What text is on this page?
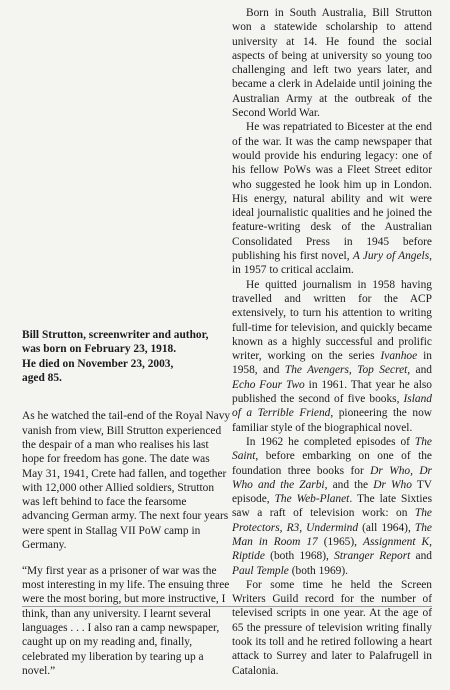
Born in South Australia, Bill Strutton won a statewide scholarship to attend university at 14. He found the social aspects of being at university so young too challenging and left two years later, and became a clerk in Adelaide until joining the Australian Army at the outbreak of the Second World War.

He was repatriated to Bicester at the end of the war. It was the camp newspaper that would provide his enduring legacy: one of his fellow PoWs was a Fleet Street editor who suggested he look him up in London. His energy, natural ability and wit were ideal journalistic qualities and he joined the feature-writing desk of the Australian Consolidated Press in 1945 before publishing his first novel, A Jury of Angels, in 1957 to critical acclaim.

He quitted journalism in 1958 having travelled and written for the ACP extensively, to turn his attention to writing full-time for television, and quickly became known as a highly successful and prolific writer, working on the series Ivanhoe in 1958, and The Avengers, Top Secret, and Echo Four Two in 1961. That year he also published the second of five books, Island of a Terrible Friend, pioneering the now familiar style of the biographical novel.

In 1962 he completed episodes of The Saint, before embarking on one of the foundation three books for Dr Who, Dr Who and the Zarbi, and the Dr Who TV episode, The Web-Planet. The late Sixties saw a raft of television work: on The Protectors, R3, Undermind (all 1964), The Man in Room 17 (1965), Assignment K, Riptide (both 1968), Stranger Report and Paul Temple (both 1969).

For some time he held the Screen Writers Guild record for the number of televised scripts in one year. At the age of 65 the pressure of television writing finally took its toll and he retired following a heart attack to Surrey and later to Palafrugell in Catalonia.

Bill Strutton, screenwriter and author,
was born on February 23, 1918.
He died on November 23, 2003,
aged 85.

As he watched the tail-end of the Royal Navy vanish from view, Bill Strutton experienced the despair of a man who realises his last hope for freedom has gone. The date was May 31, 1941, Crete had fallen, and together with 12,000 other Allied soldiers, Strutton was left behind to face the fearsome advancing German army. The next four years were spent in Stallag VII PoW camp in Germany.

“My first year as a prisoner of war was the most interesting in my life. The ensuing three were the most boring, but more instructive, I think, than any university. I learnt several languages . . . I also ran a camp newspaper, caught up on my reading and, finally, celebrated my liberation by tearing up a novel.”
